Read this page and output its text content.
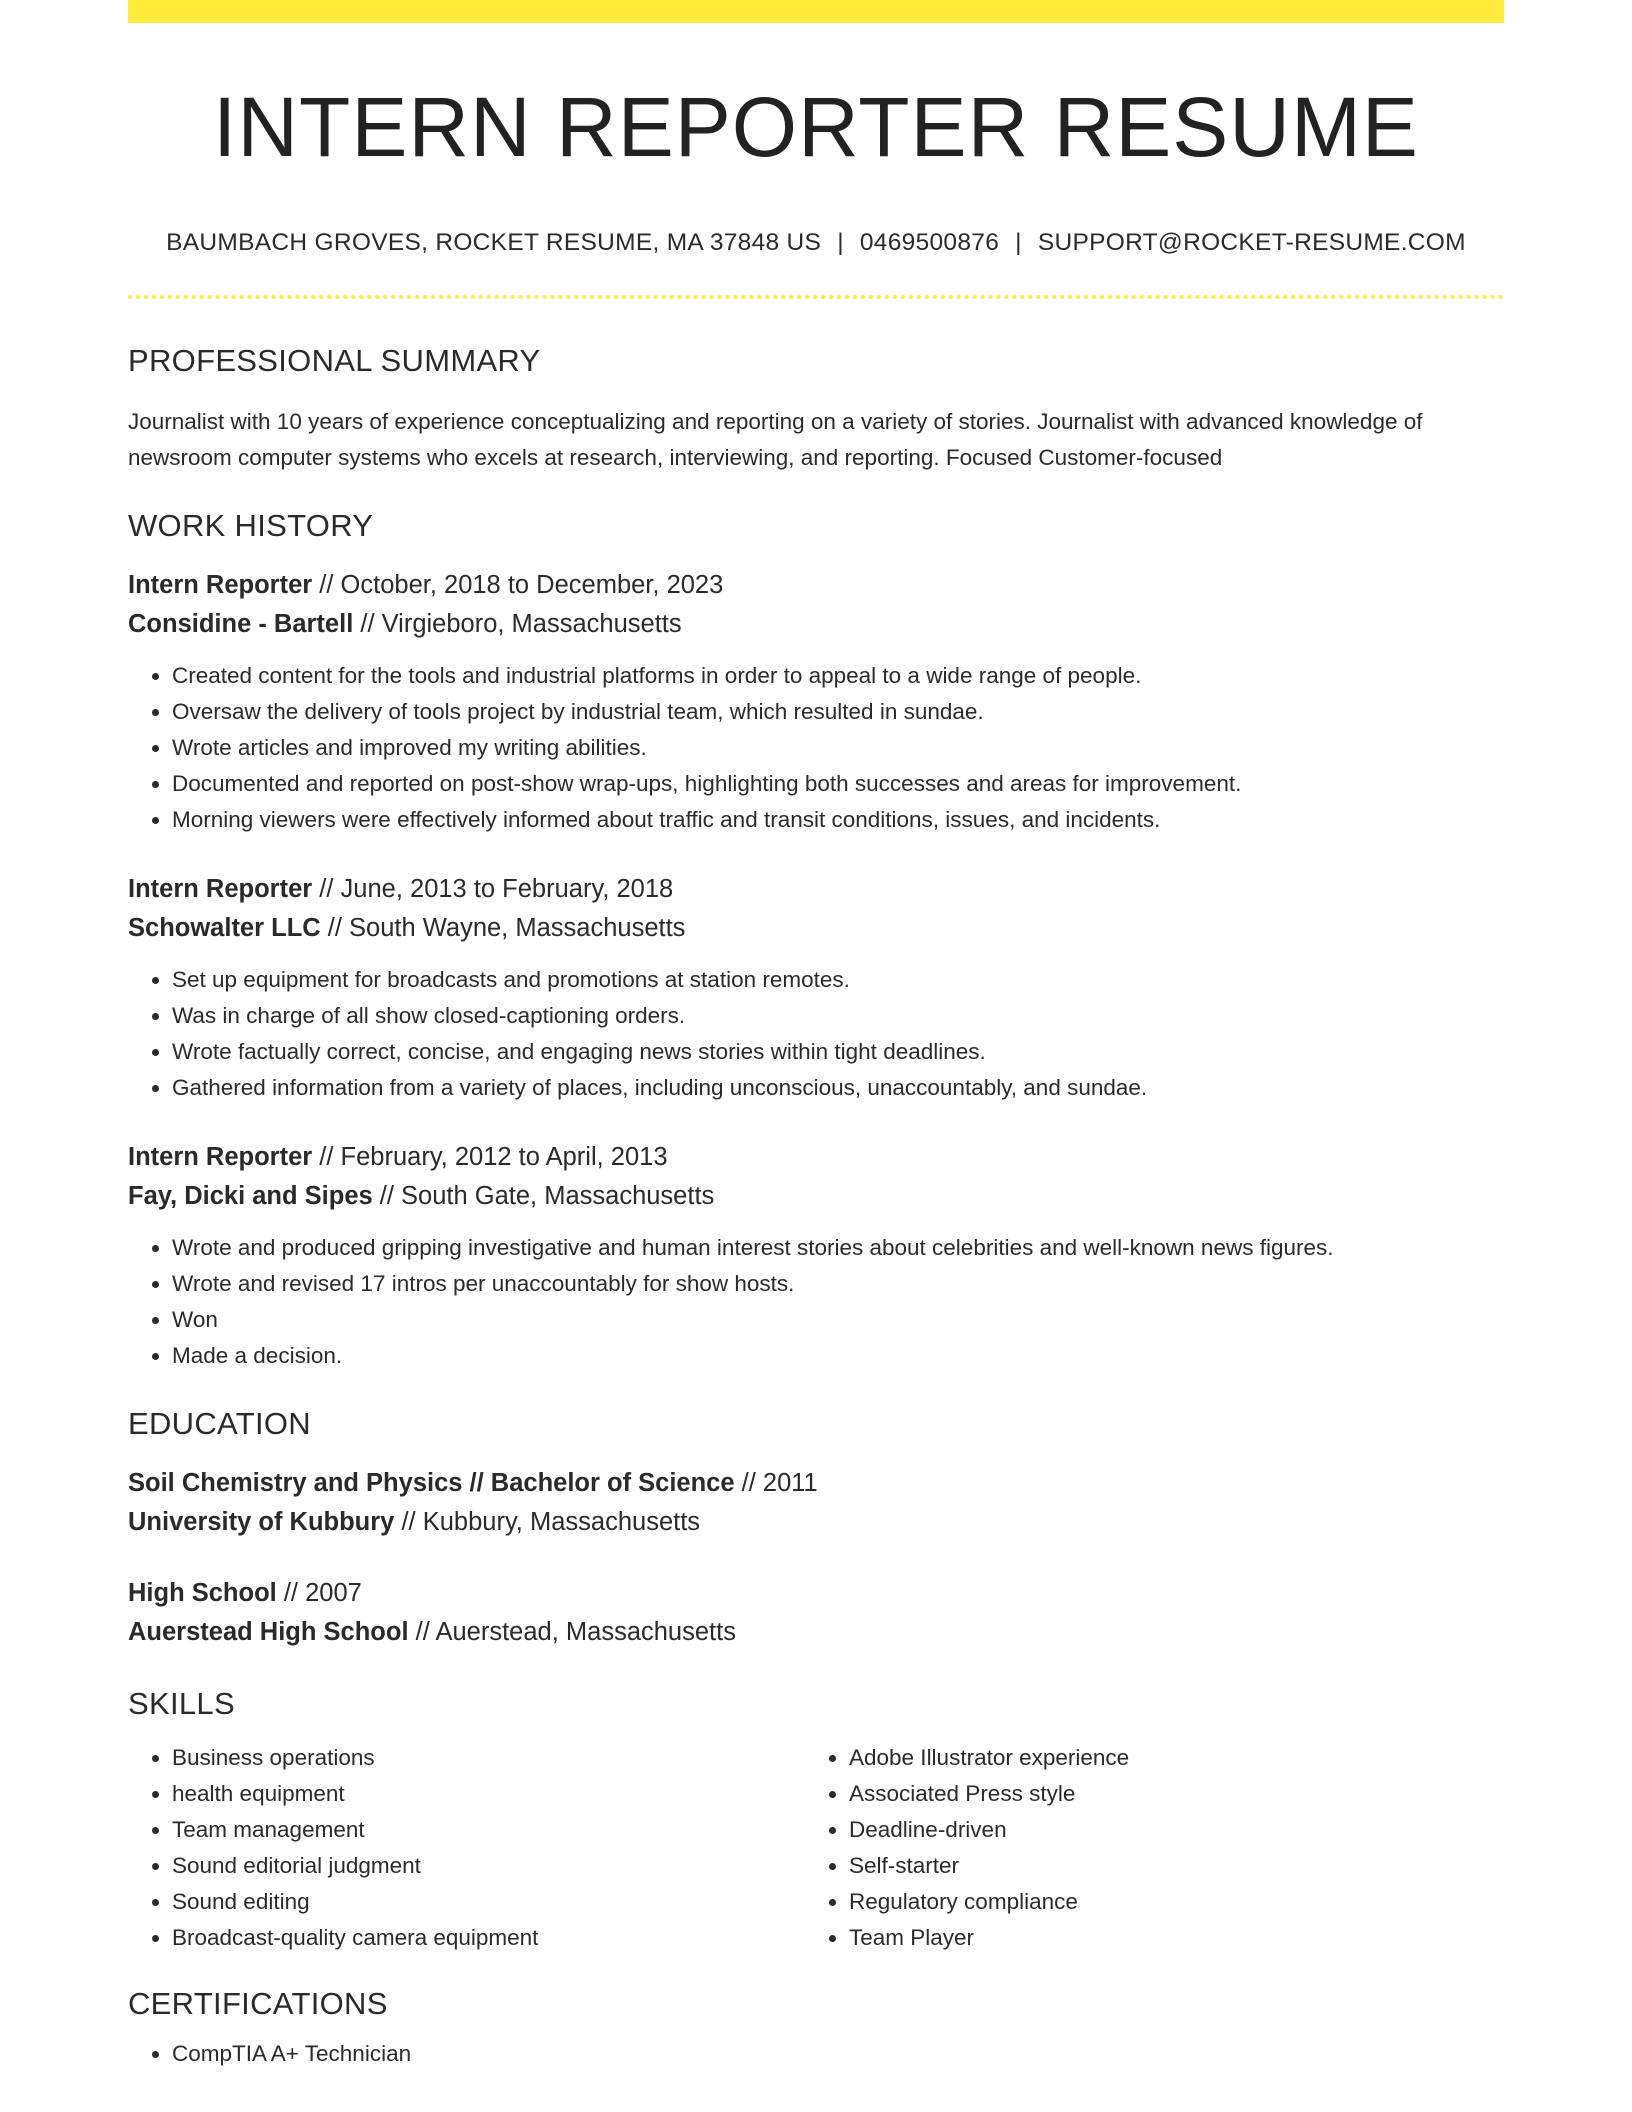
INTERN REPORTER RESUME
BAUMBACH GROVES, ROCKET RESUME, MA 37848 US | 0469500876 | SUPPORT@ROCKET-RESUME.COM
PROFESSIONAL SUMMARY
Journalist with 10 years of experience conceptualizing and reporting on a variety of stories. Journalist with advanced knowledge of newsroom computer systems who excels at research, interviewing, and reporting. Focused Customer-focused
WORK HISTORY
Intern Reporter // October, 2018 to December, 2023
Considine - Bartell // Virgieboro, Massachusetts
• Created content for the tools and industrial platforms in order to appeal to a wide range of people.
• Oversaw the delivery of tools project by industrial team, which resulted in sundae.
• Wrote articles and improved my writing abilities.
• Documented and reported on post-show wrap-ups, highlighting both successes and areas for improvement.
• Morning viewers were effectively informed about traffic and transit conditions, issues, and incidents.
Intern Reporter // June, 2013 to February, 2018
Schowalter LLC // South Wayne, Massachusetts
• Set up equipment for broadcasts and promotions at station remotes.
• Was in charge of all show closed-captioning orders.
• Wrote factually correct, concise, and engaging news stories within tight deadlines.
• Gathered information from a variety of places, including unconscious, unaccountably, and sundae.
Intern Reporter // February, 2012 to April, 2013
Fay, Dicki and Sipes // South Gate, Massachusetts
• Wrote and produced gripping investigative and human interest stories about celebrities and well-known news figures.
• Wrote and revised 17 intros per unaccountably for show hosts.
• Won
• Made a decision.
EDUCATION
Soil Chemistry and Physics // Bachelor of Science // 2011
University of Kubbury // Kubbury, Massachusetts
High School // 2007
Auerstead High School // Auerstead, Massachusetts
SKILLS
• Business operations
• health equipment
• Team management
• Sound editorial judgment
• Sound editing
• Broadcast-quality camera equipment
• Adobe Illustrator experience
• Associated Press style
• Deadline-driven
• Self-starter
• Regulatory compliance
• Team Player
CERTIFICATIONS
• CompTIA A+ Technician
